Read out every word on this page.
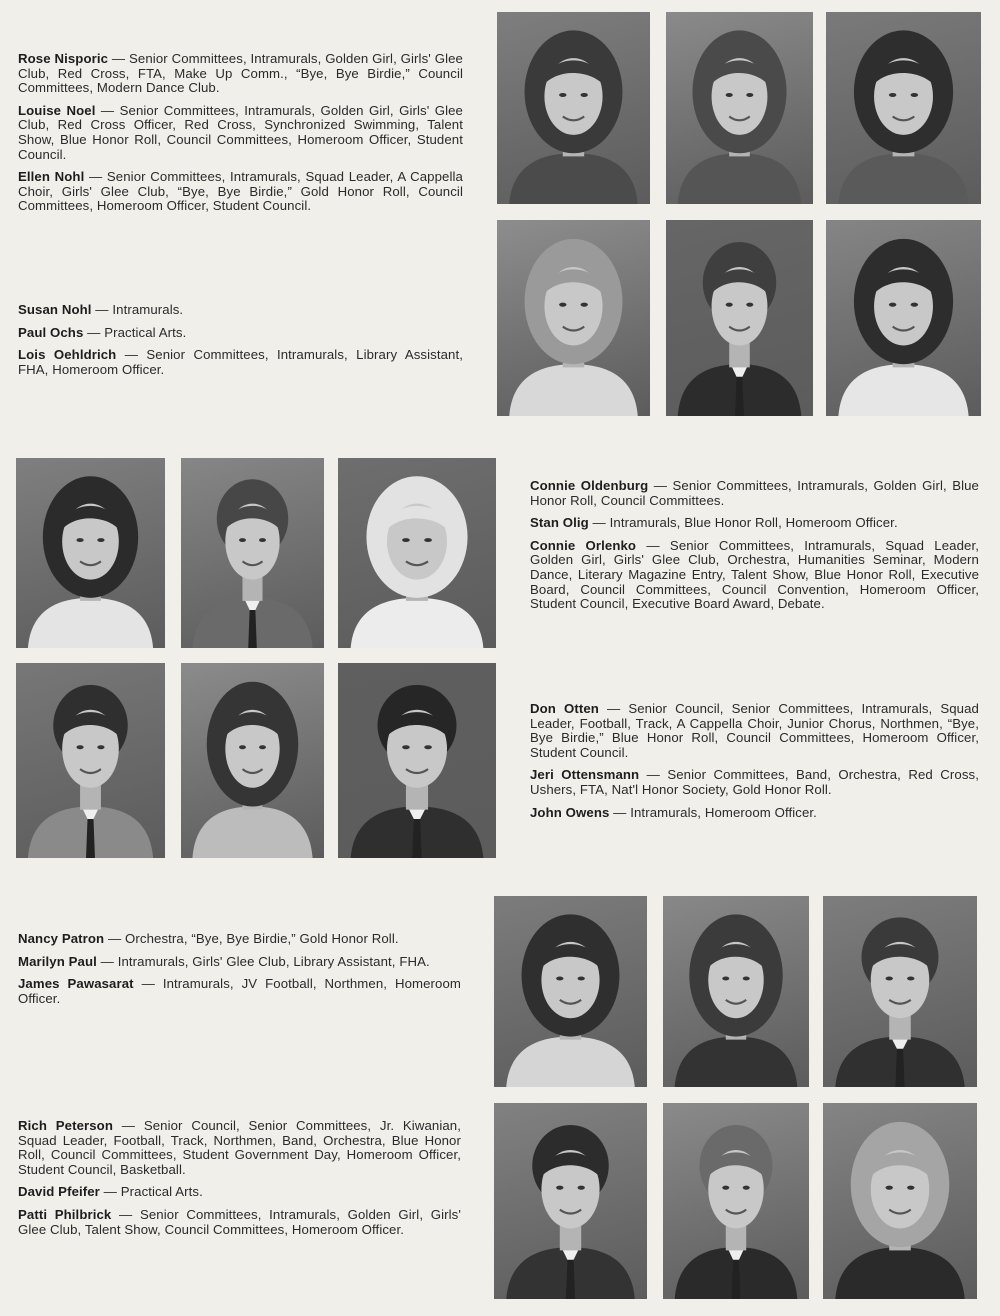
Rose Nisporic — Senior Committees, Intramurals, Golden Girl, Girls' Glee Club, Red Cross, FTA, Make Up Comm., “Bye, Bye Birdie,” Council Committees, Modern Dance Club.

Louise Noel — Senior Committees, Intramurals, Golden Girl, Girls' Glee Club, Red Cross Officer, Red Cross, Synchronized Swimming, Talent Show, Blue Honor Roll, Council Committees, Homeroom Officer, Student Council.

Ellen Nohl — Senior Committees, Intramurals, Squad Leader, A Cappella Choir, Girls' Glee Club, “Bye, Bye Birdie,” Gold Honor Roll, Council Committees, Homeroom Officer, Student Council.

Susan Nohl — Intramurals.

Paul Ochs — Practical Arts.

Lois Oehldrich — Senior Committees, Intramurals, Library Assistant, FHA, Homeroom Officer.

Connie Oldenburg — Senior Committees, Intramurals, Golden Girl, Blue Honor Roll, Council Committees.

Stan Olig — Intramurals, Blue Honor Roll, Homeroom Officer.

Connie Orlenko — Senior Committees, Intramurals, Squad Leader, Golden Girl, Girls' Glee Club, Orchestra, Humanities Seminar, Modern Dance, Literary Magazine Entry, Talent Show, Blue Honor Roll, Executive Board, Council Committees, Council Convention, Homeroom Officer, Student Council, Executive Board Award, Debate.

Don Otten — Senior Council, Senior Committees, Intramurals, Squad Leader, Football, Track, A Cappella Choir, Junior Chorus, Northmen, “Bye, Bye Birdie,” Blue Honor Roll, Council Committees, Homeroom Officer, Student Council.

Jeri Ottensmann — Senior Committees, Band, Orchestra, Red Cross, Ushers, FTA, Nat'l Honor Society, Gold Honor Roll.

John Owens — Intramurals, Homeroom Officer.

Nancy Patron — Orchestra, “Bye, Bye Birdie,” Gold Honor Roll.

Marilyn Paul — Intramurals, Girls' Glee Club, Library Assistant, FHA.

James Pawasarat — Intramurals, JV Football, Northmen, Homeroom Officer.

Rich Peterson — Senior Council, Senior Committees, Jr. Kiwanian, Squad Leader, Football, Track, Northmen, Band, Orchestra, Blue Honor Roll, Council Committees, Student Government Day, Homeroom Officer, Student Council, Basketball.

David Pfeifer — Practical Arts.

Patti Philbrick — Senior Committees, Intramurals, Golden Girl, Girls' Glee Club, Talent Show, Council Committees, Homeroom Officer.
